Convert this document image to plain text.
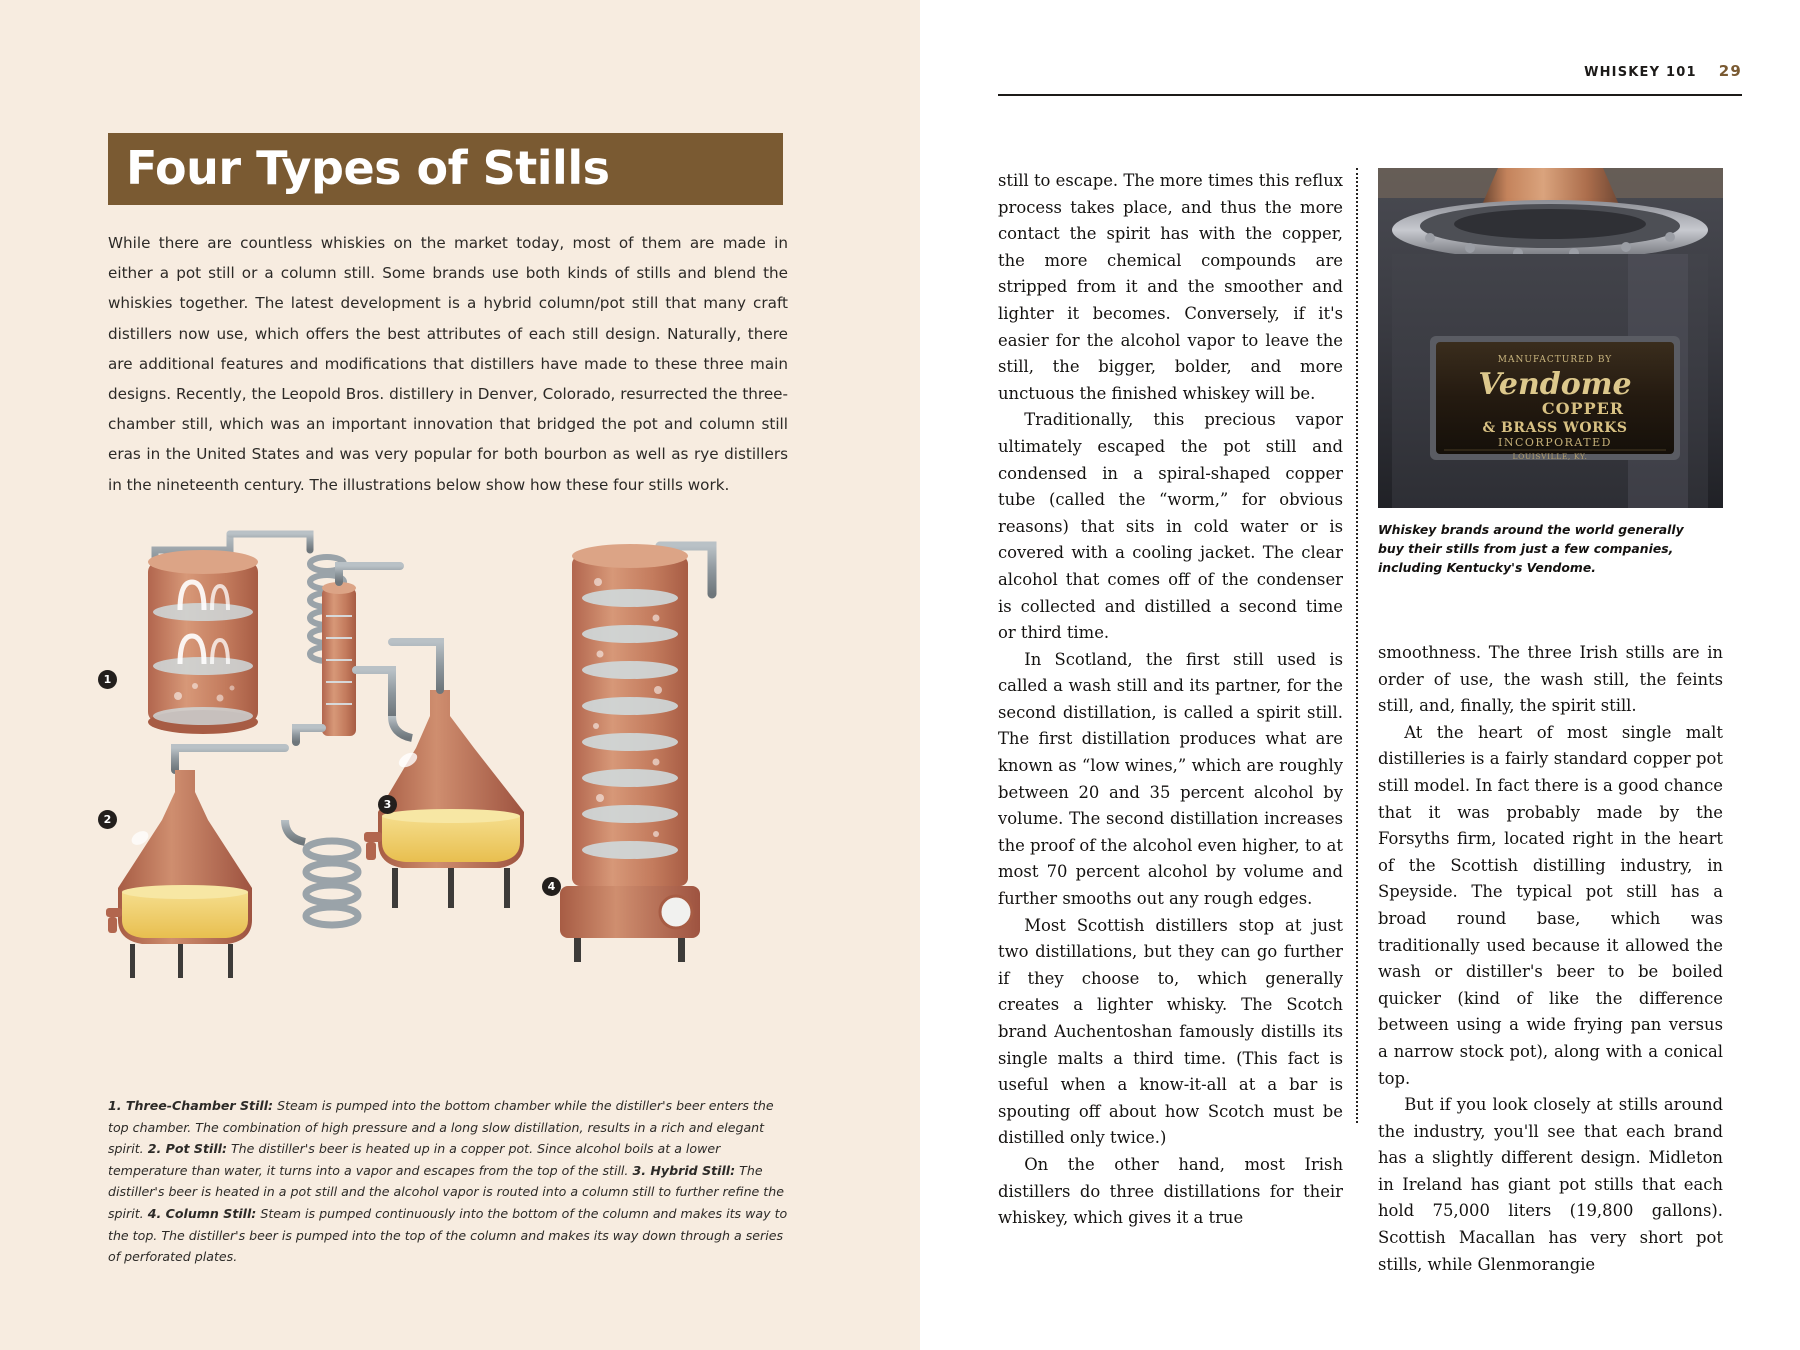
Four Types of Stills
While there are countless whiskies on the market today, most of them are made in either a pot still or a column still. Some brands use both kinds of stills and blend the whiskies together. The latest development is a hybrid column/pot still that many craft distillers now use, which offers the best attributes of each still design. Naturally, there are additional features and modifications that distillers have made to these three main designs. Recently, the Leopold Bros. distillery in Denver, Colorado, resurrected the three-chamber still, which was an important innovation that bridged the pot and column still eras in the United States and was very popular for both bourbon as well as rye distillers in the nineteenth century. The illustrations below show how these four stills work.
1
2
3
4
1. Three-Chamber Still: Steam is pumped into the bottom chamber while the distiller's beer enters the top chamber. The combination of high pressure and a long slow distillation, results in a rich and elegant spirit. 2. Pot Still: The distiller's beer is heated up in a copper pot. Since alcohol boils at a lower temperature than water, it turns into a vapor and escapes from the top of the still. 3. Hybrid Still: The distiller's beer is heated in a pot still and the alcohol vapor is routed into a column still to further refine the spirit. 4. Column Still: Steam is pumped continuously into the bottom of the column and makes its way to the top. The distiller's beer is pumped into the top of the column and makes its way down through a series of perforated plates.
WHISKEY 101 29

still to escape. The more times this reflux process takes place, and thus the more contact the spirit has with the copper, the more chemical compounds are stripped from it and the smoother and lighter it becomes. Conversely, if it's easier for the alcohol vapor to leave the still, the bigger, bolder, and more unctuous the finished whiskey will be.

Traditionally, this precious vapor ultimately escaped the pot still and condensed in a spiral-shaped copper tube (called the “worm,” for obvious reasons) that sits in cold water or is covered with a cooling jacket. The clear alcohol that comes off of the condenser is collected and distilled a second time or third time.

In Scotland, the first still used is called a wash still and its partner, for the second distillation, is called a spirit still. The first distillation produces what are known as “low wines,” which are roughly between 20 and 35 percent alcohol by volume. The second distillation increases the proof of the alcohol even higher, to at most 70 percent alcohol by volume and further smooths out any rough edges.

Most Scottish distillers stop at just two distillations, but they can go further if they choose to, which generally creates a lighter whisky. The Scotch brand Auchentoshan famously distills its single malts a third time. (This fact is useful when a know-it-all at a bar is spouting off about how Scotch must be distilled only twice.)

On the other hand, most Irish distillers do three distillations for their whiskey, which gives it a true

MANUFACTURED BY
Vendome
COPPER
& BRASS WORKS
INCORPORATED
LOUISVILLE, KY.
Whiskey brands around the world generally buy their stills from just a few companies, including Kentucky's Vendome.

smoothness. The three Irish stills are in order of use, the wash still, the feints still, and, finally, the spirit still.

At the heart of most single malt distilleries is a fairly standard copper pot still model. In fact there is a good chance that it was probably made by the Forsyths firm, located right in the heart of the Scottish distilling industry, in Speyside. The typical pot still has a broad round base, which was traditionally used because it allowed the wash or distiller's beer to be boiled quicker (kind of like the difference between using a wide frying pan versus a narrow stock pot), along with a conical top.

But if you look closely at stills around the industry, you'll see that each brand has a slightly different design. Midleton in Ireland has giant pot stills that each hold 75,000 liters (19,800 gallons). Scottish Macallan has very short pot stills, while Glenmorangie
